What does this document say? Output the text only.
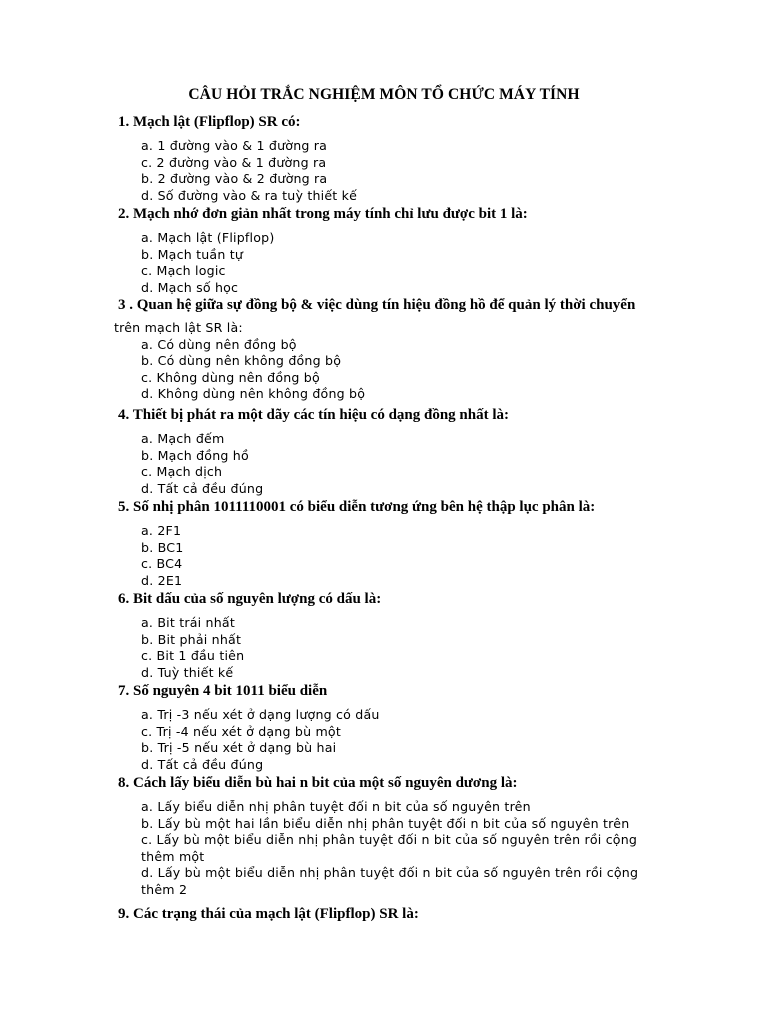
CÂU HỎI TRẮC NGHIỆM MÔN TỔ CHỨC MÁY TÍNH
1. Mạch lật (Flipflop) SR có:
a. 1 đường vào & 1 đường ra
c. 2 đường vào & 1 đường ra
b. 2 đường vào & 2 đường ra
d. Số đường vào & ra tuỳ thiết kế
2. Mạch nhớ đơn giản nhất trong máy tính chỉ lưu được bit 1 là:
a. Mạch lật (Flipflop)
b. Mạch tuần tự
c. Mạch logic
d. Mạch số học
3 . Quan hệ giữa sự đồng bộ & việc dùng tín hiệu đồng hồ để quản lý thời chuyển
trên mạch lật SR là:
a. Có dùng nên đồng bộ
b. Có dùng nên không đồng bộ
c. Không dùng nên đồng bộ
d. Không dùng nên không đồng bộ
4. Thiết bị phát ra một dãy các tín hiệu có dạng đồng nhất là:
a. Mạch đếm
b. Mạch đồng hồ
c. Mạch dịch
d. Tất cả đều đúng
5. Số nhị phân 1011110001 có biểu diễn tương ứng bên hệ thập lục phân là:
a. 2F1
b. BC1
c. BC4
d. 2E1
6. Bit dấu của số nguyên lượng có dấu là:
a. Bit trái nhất
b. Bit phải nhất
c. Bit 1 đầu tiên
d. Tuỳ thiết kế
7. Số nguyên 4 bit 1011 biểu diễn
a. Trị -3 nếu xét ở dạng lượng có dấu
c. Trị -4 nếu xét ở dạng bù một
b. Trị -5 nếu xét ở dạng bù hai
d. Tất cả đều đúng
8. Cách lấy biểu diễn bù hai n bit của một số nguyên dương là:
a. Lấy biểu diễn nhị phân tuyệt đối n bit của số nguyên trên
b. Lấy bù một hai lần biểu diễn nhị phân tuyệt đối n bit của số nguyên trên
c. Lấy bù một biểu diễn nhị phân tuyệt đối n bit của số nguyên trên rồi cộng thêm một
d. Lấy bù một biểu diễn nhị phân tuyệt đối n bit của số nguyên trên rồi cộng thêm 2
9. Các trạng thái của mạch lật (Flipflop) SR là:
